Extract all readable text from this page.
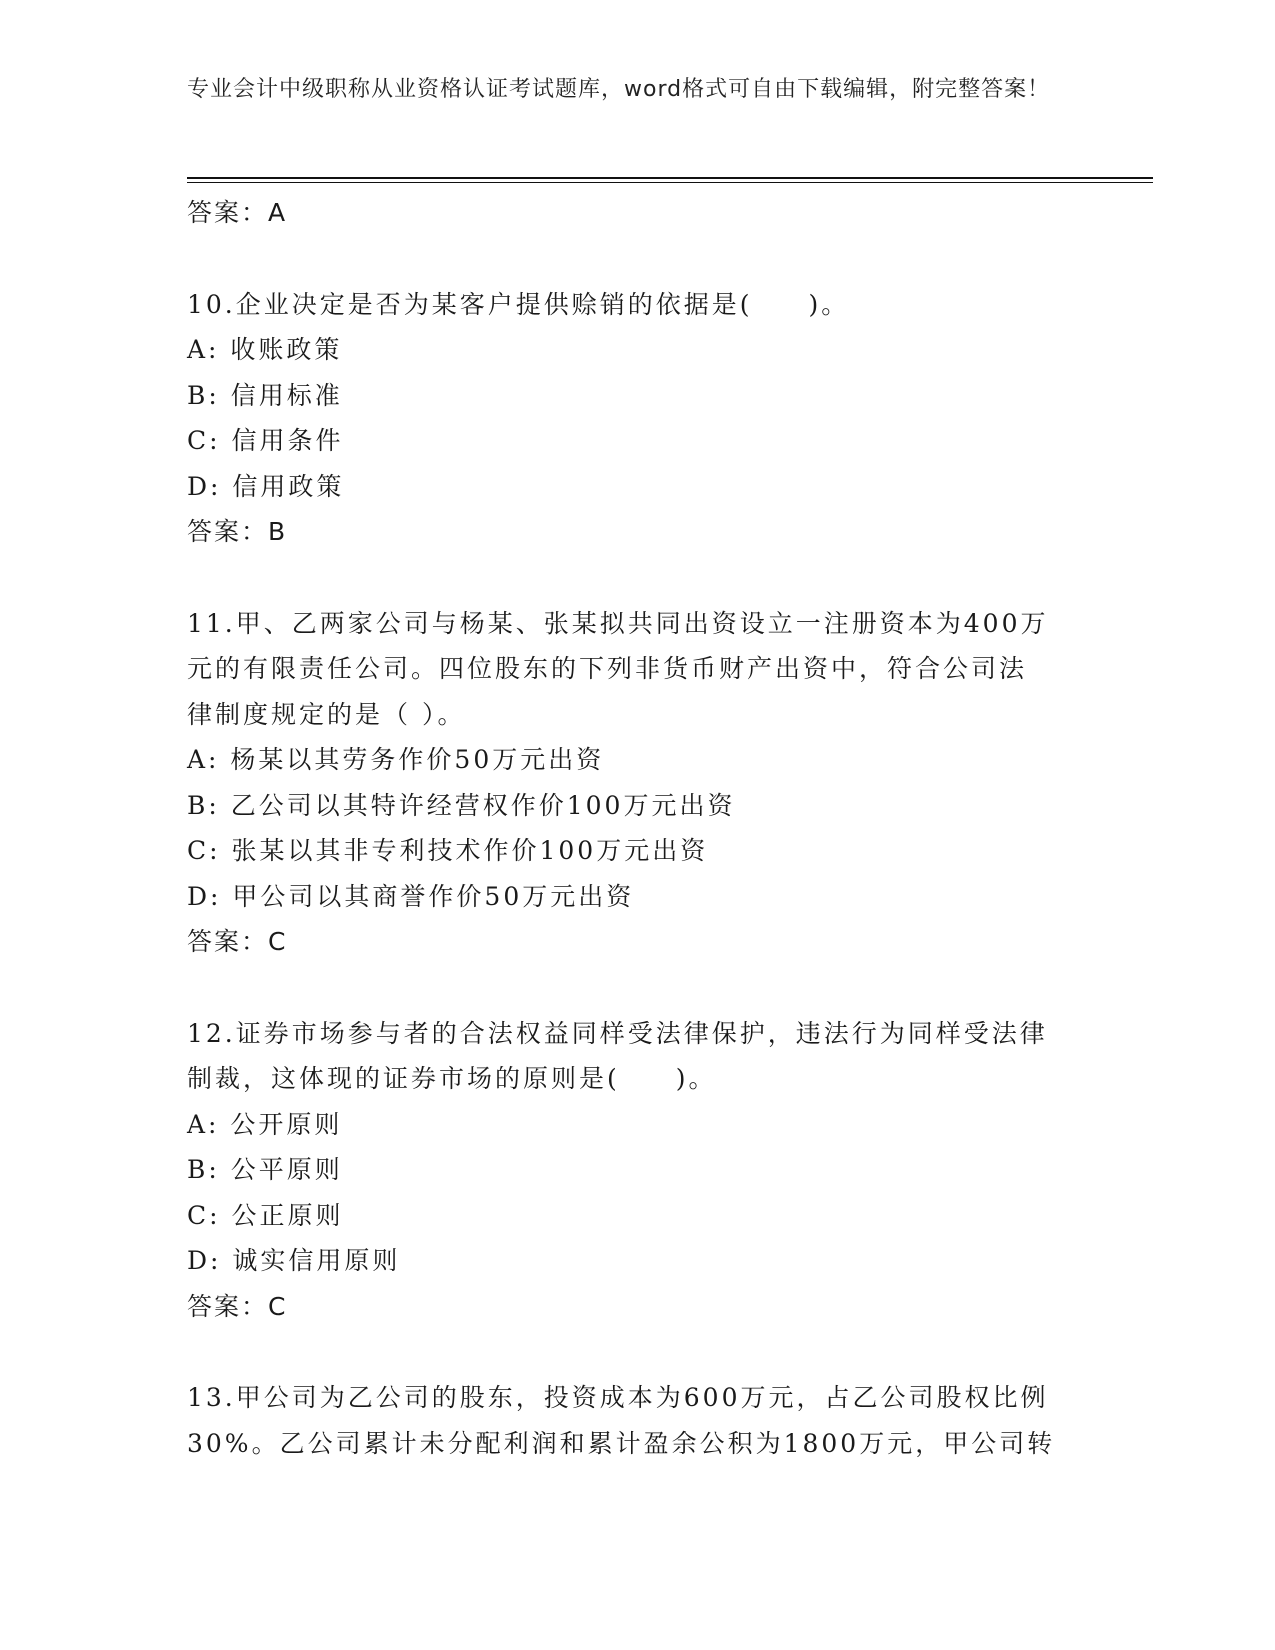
专业会计中级职称从业资格认证考试题库，word格式可自由下载编辑，附完整答案！
答案：A
10.企业决定是否为某客户提供赊销的依据是(　　)。
A: 收账政策
B: 信用标准
C: 信用条件
D: 信用政策
答案：B
11.甲、乙两家公司与杨某、张某拟共同出资设立一注册资本为400万
元的有限责任公司。四位股东的下列非货币财产出资中，符合公司法
律制度规定的是（ ）。
A: 杨某以其劳务作价50万元出资
B: 乙公司以其特许经营权作价100万元出资
C: 张某以其非专利技术作价100万元出资
D: 甲公司以其商誉作价50万元出资
答案：C
12.证券市场参与者的合法权益同样受法律保护，违法行为同样受法律
制裁，这体现的证券市场的原则是(　　)。
A: 公开原则
B: 公平原则
C: 公正原则
D: 诚实信用原则
答案：C
13.甲公司为乙公司的股东，投资成本为600万元，占乙公司股权比例
30%。乙公司累计未分配利润和累计盈余公积为1800万元，甲公司转
